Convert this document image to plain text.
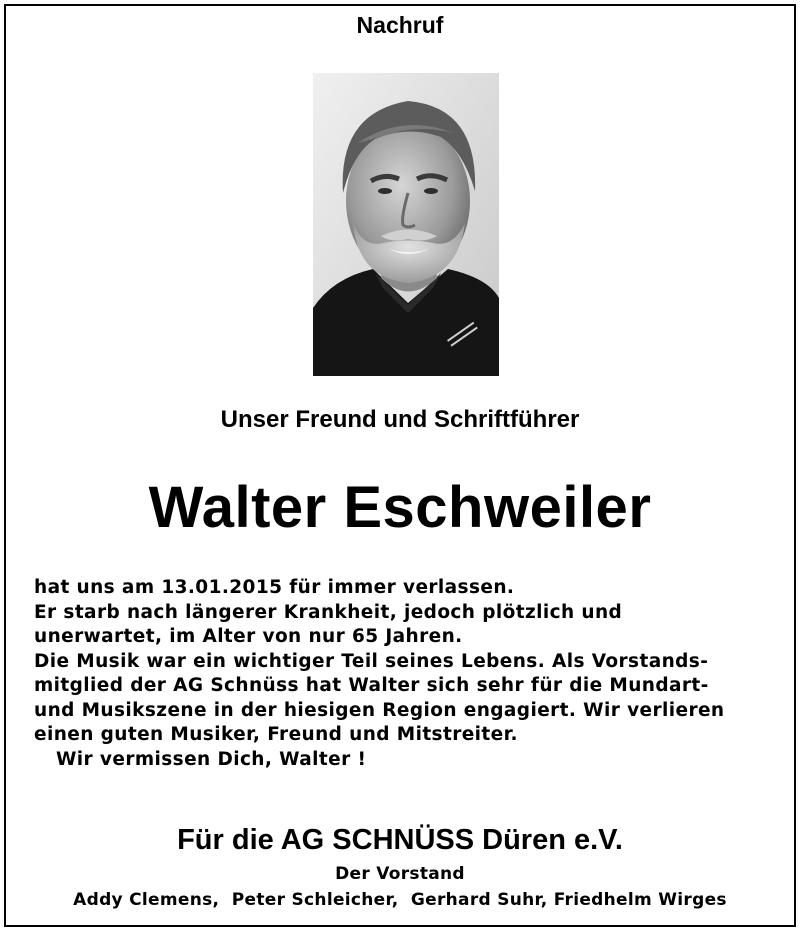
Nachruf
Unser Freund und Schriftführer
Walter Eschweiler
hat uns am 13.01.2015 für immer verlassen.
Er starb nach längerer Krankheit, jedoch plötzlich und
unerwartet, im Alter von nur 65 Jahren.
Die Musik war ein wichtiger Teil seines Lebens. Als Vorstands-
mitglied der AG Schnüss hat Walter sich sehr für die Mundart-
und Musikszene in der hiesigen Region engagiert. Wir verlieren
einen guten Musiker, Freund und Mitstreiter.
Wir vermissen Dich, Walter !
Für die AG SCHNÜSS Düren e.V.
Der Vorstand
Addy Clemens,  Peter Schleicher,  Gerhard Suhr, Friedhelm Wirges
